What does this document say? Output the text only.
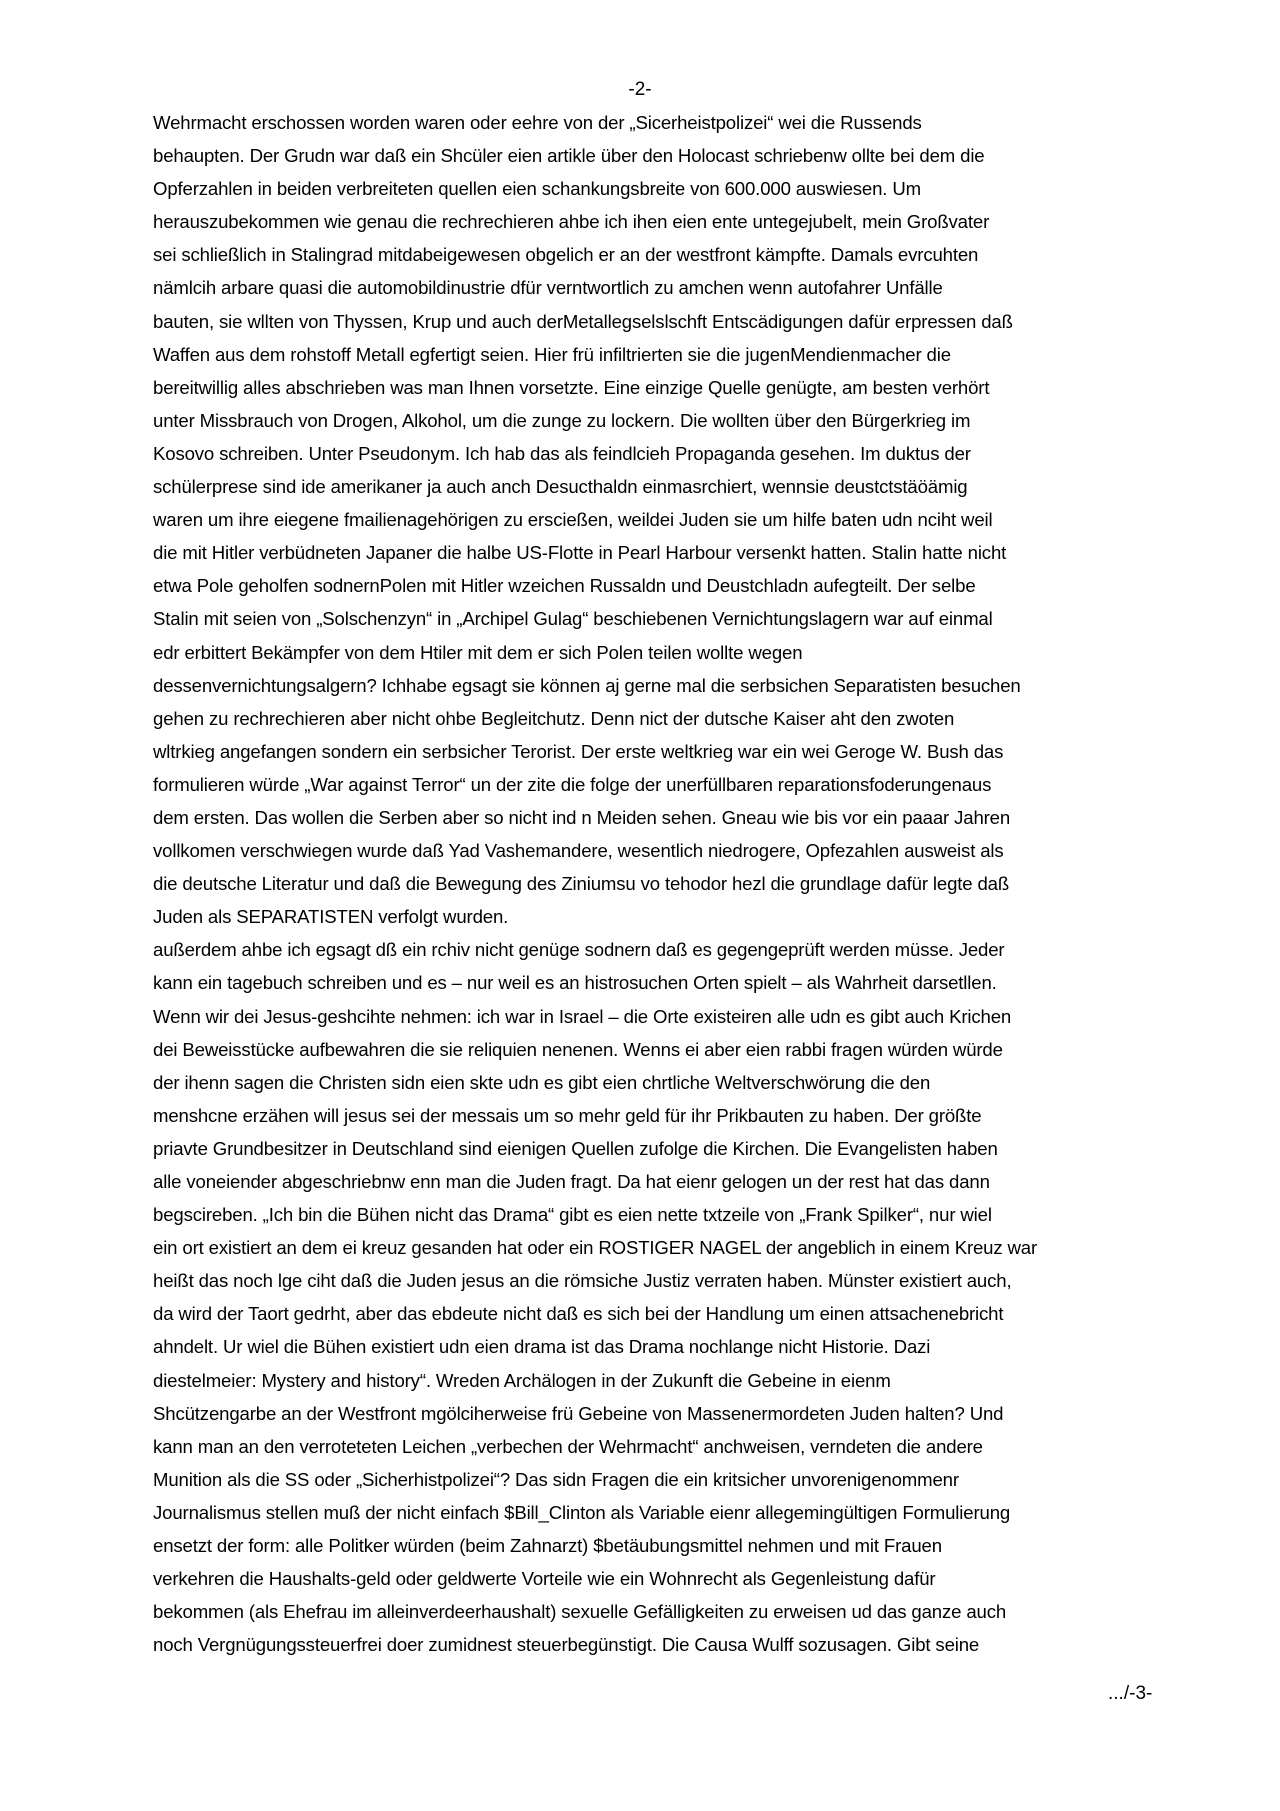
-2-
Wehrmacht erschossen worden waren oder eehre von der „Sicerheistpolizei“ wei die Russends
behaupten. Der Grudn war daß ein Shcüler eien artikle über den Holocast schriebenw ollte bei dem die
Opferzahlen in beiden verbreiteten quellen eien schankungsbreite von 600.000 auswiesen. Um
herauszubekommen wie genau die rechrechieren ahbe ich ihen eien ente untegejubelt, mein Großvater
sei schließlich in Stalingrad mitdabeigewesen obgelich er an der westfront kämpfte. Damals evrcuhten
nämlcih arbare quasi die automobildinustrie dfür verntwortlich zu amchen wenn autofahrer Unfälle
bauten, sie wllten von Thyssen, Krup und auch derMetallegselslschft Entscädigungen dafür erpressen daß
Waffen aus dem rohstoff Metall egfertigt seien. Hier frü infiltrierten sie die jugenMendienmacher die
bereitwillig alles abschrieben was man Ihnen vorsetzte. Eine einzige Quelle genügte, am besten verhört
unter Missbrauch von Drogen, Alkohol, um die zunge zu lockern. Die wollten über den Bürgerkrieg im
Kosovo schreiben. Unter Pseudonym. Ich hab das als feindlcieh Propaganda gesehen. Im duktus der
schülerprese sind ide amerikaner ja auch anch Desucthaldn einmasrchiert, wennsie deustctstäöämig
waren um ihre eiegene fmailienagehörigen zu erscießen, weildei Juden sie um hilfe baten udn nciht weil
die mit Hitler verbüdneten Japaner die halbe US-Flotte in Pearl Harbour versenkt hatten. Stalin hatte nicht
etwa Pole geholfen sodnernPolen mit Hitler wzeichen Russaldn und Deustchladn aufegteilt. Der selbe
Stalin mit seien von „Solschenzyn“ in „Archipel Gulag“ beschiebenen Vernichtungslagern war auf einmal
edr erbittert Bekämpfer von dem Htiler mit dem er sich Polen teilen wollte wegen
dessenvernichtungsalgern? Ichhabe egsagt sie können aj gerne mal die serbsichen Separatisten besuchen
gehen zu rechrechieren aber nicht ohbe Begleitchutz. Denn nict der dutsche Kaiser aht den zwoten
wltrkieg angefangen sondern ein serbsicher Terorist. Der erste weltkrieg war ein wei Geroge W. Bush das
formulieren würde „War against Terror“ un der zite die folge der unerfüllbaren reparationsfoderungenaus
dem ersten. Das wollen die Serben aber so nicht ind n Meiden sehen. Gneau wie bis vor ein paaar Jahren
vollkomen verschwiegen wurde daß Yad Vashemandere, wesentlich niedrogere, Opfezahlen ausweist als
die deutsche Literatur und daß die Bewegung des Ziniumsu vo tehodor hezl die grundlage dafür legte daß
Juden als SEPARATISTEN verfolgt wurden.
außerdem ahbe ich egsagt dß ein rchiv nicht genüge sodnern daß es gegengeprüft werden müsse. Jeder
kann ein tagebuch schreiben und es – nur weil es an histrosuchen Orten spielt – als Wahrheit darsetllen.
Wenn wir dei Jesus-geshcihte nehmen: ich war in Israel – die Orte existeiren alle udn es gibt auch Krichen
dei Beweisstücke aufbewahren die sie reliquien nenenen. Wenns ei aber eien rabbi fragen würden würde
der ihenn sagen die Christen sidn eien skte udn es gibt eien chrtliche Weltverschwörung die den
menshcne erzähen will jesus sei der messais um so mehr geld für ihr Prikbauten zu haben. Der größte
priavte Grundbesitzer in Deutschland sind eienigen Quellen zufolge die Kirchen. Die Evangelisten haben
alle voneiender abgeschriebnw enn man die Juden fragt. Da hat eienr gelogen un der rest hat das dann
begscireben. „Ich bin die Bühen nicht das Drama“ gibt es eien nette txtzeile von „Frank Spilker“, nur wiel
ein ort existiert an dem ei kreuz gesanden hat oder ein ROSTIGER NAGEL der angeblich in einem Kreuz war
heißt das noch lge ciht daß die Juden jesus an die römsiche Justiz verraten haben. Münster existiert auch,
da wird der Taort gedrht, aber das ebdeute nicht daß es sich bei der Handlung um einen attsachenebricht
ahndelt. Ur wiel die Bühen existiert udn eien drama ist das Drama nochlange nicht Historie. Dazi
diestelmeier: Mystery and history“. Wreden Archälogen in der Zukunft die Gebeine in eienm
Shcützengarbe an der Westfront mgölciherweise frü Gebeine von Massenermordeten Juden halten? Und
kann man an den verroteteten Leichen „verbechen der Wehrmacht“ anchweisen, verndeten die andere
Munition als die SS oder „Sicherhistpolizei“? Das sidn Fragen die ein kritsicher unvorenigenommenr
Journalismus stellen muß der nicht einfach $Bill_Clinton als Variable eienr allegemingültigen Formulierung
ensetzt der form: alle Politker würden (beim Zahnarzt) $betäubungsmittel nehmen und mit Frauen
verkehren die Haushalts-geld oder geldwerte Vorteile wie ein Wohnrecht als Gegenleistung dafür
bekommen (als Ehefrau im alleinverdeerhaushalt) sexuelle Gefälligkeiten zu erweisen ud das ganze auch
noch Vergnügungssteuerfrei doer zumidnest steuerbegünstigt. Die Causa Wulff sozusagen. Gibt seine
.../-3-
